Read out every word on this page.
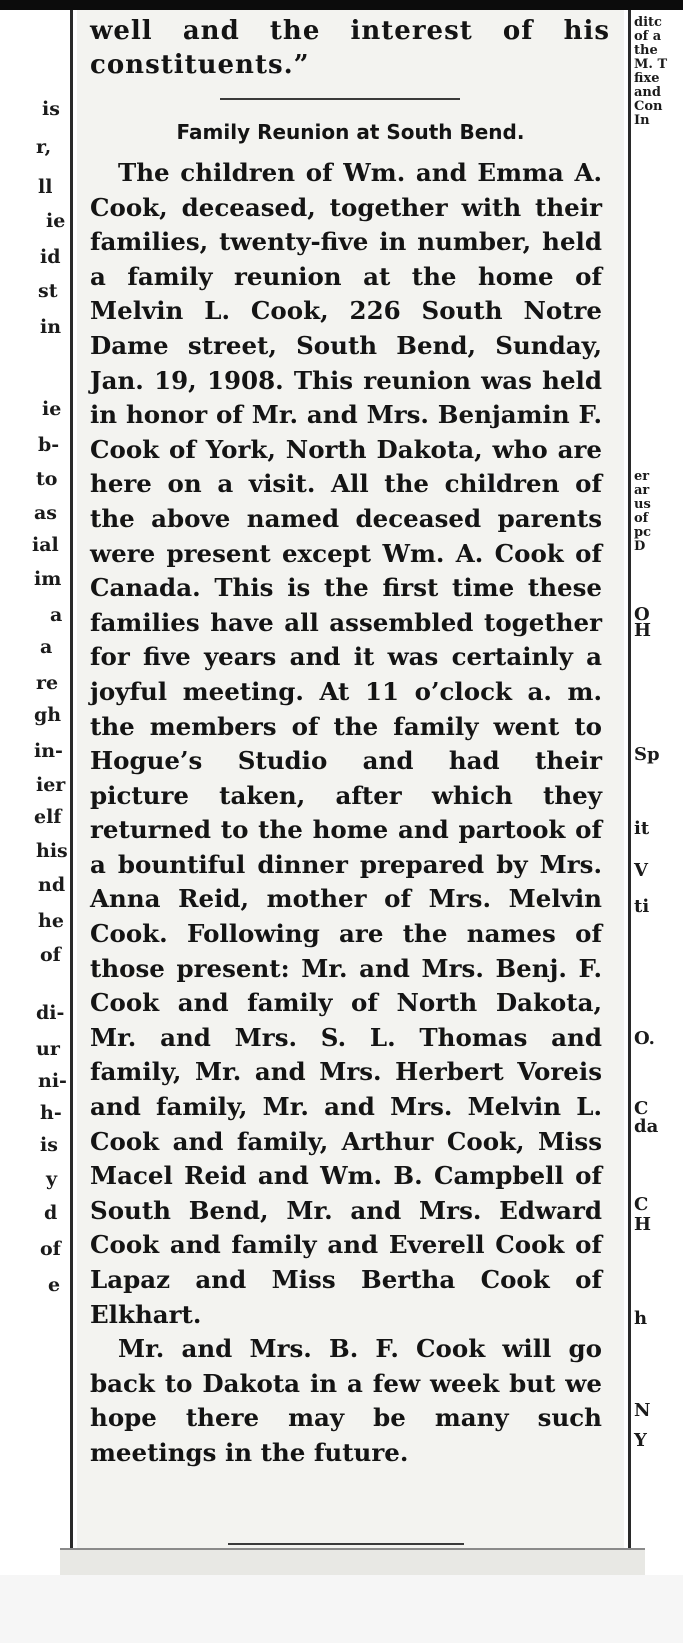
is
r,
ll
ie
id
st
in
ie
b-
to
as
ial
im
a
a
re
gh
in-
ier
elf
his
nd
he
of
di-
ur
ni-
h-
is
y
d
of
e
well and the interest of his constituents.”
Family Reunion at South Bend.

The children of Wm. and Emma A. Cook, deceased, together with their families, twenty-five in number, held a family reunion at the home of Melvin L. Cook, 226 South Notre Dame street, South Bend, Sunday, Jan. 19, 1908. This reunion was held in honor of Mr. and Mrs. Benjamin F. Cook of York, North Dakota, who are here on a visit. All the children of the above named deceased parents were present except Wm. A. Cook of Canada. This is the first time these families have all assembled together for five years and it was certainly a joyful meeting. At 11 o’clock a. m. the members of the family went to Hogue’s Studio and had their picture taken, after which they returned to the home and partook of a bountiful dinner prepared by Mrs. Anna Reid, mother of Mrs. Melvin Cook. Following are the names of those present: Mr. and Mrs. Benj. F. Cook and family of North Dakota, Mr. and Mrs. S. L. Thomas and family, Mr. and Mrs. Herbert Voreis and family, Mr. and Mrs. Melvin L. Cook and family, Arthur Cook, Miss Macel Reid and Wm. B. Campbell of South Bend, Mr. and Mrs. Edward Cook and family and Everell Cook of Lapaz and Miss Bertha Cook of Elkhart.

Mr. and Mrs. B. F. Cook will go back to Dakota in a few week but we hope there may be many such meetings in the future.

ditc
of a
the
M. T
fixe
and
Con
In
er
ar
us
of
pc
D
O
H
Sp
it
V
ti
O.
C
da
C
H
h
N
Y
